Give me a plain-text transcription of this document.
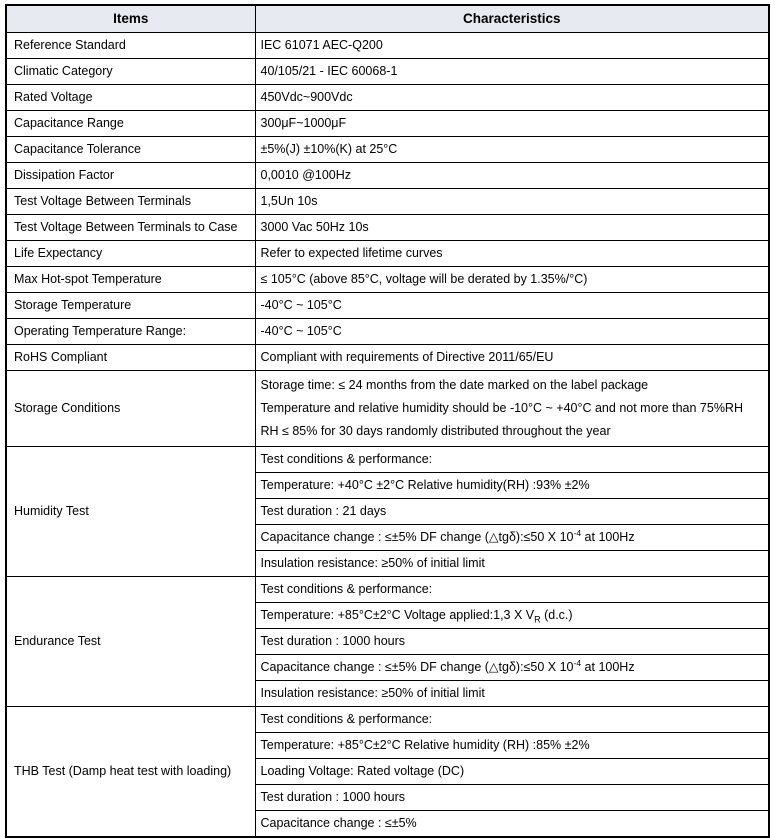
Items	Characteristics
Reference Standard	IEC 61071 AEC-Q200
Climatic Category	40/105/21 - IEC 60068-1
Rated Voltage	450Vdc~900Vdc
Capacitance Range	300μF~1000μF
Capacitance Tolerance	±5%(J) ±10%(K) at 25°C
Dissipation Factor	0,0010 @100Hz
Test Voltage Between Terminals	1,5Un 10s
Test Voltage Between Terminals to Case	3000 Vac 50Hz 10s
Life Expectancy	Refer to expected lifetime curves
Max Hot-spot Temperature	≤ 105°C (above 85°C, voltage will be derated by 1.35%/°C)
Storage Temperature	-40°C ~ 105°C
Operating Temperature Range:	-40°C ~ 105°C
RoHS Compliant	Compliant with requirements of Directive 2011/65/EU
Storage Conditions	Storage time: ≤ 24 months from the date marked on the label package
Temperature and relative humidity should be -10°C ~ +40°C and not more than 75%RH
RH ≤ 85% for 30 days randomly distributed throughout the year

Humidity Test	Test conditions & performance:
	Temperature: +40°C ±2°C Relative humidity(RH) :93% ±2%
	Test duration : 21 days
	Capacitance change : ≤±5% DF change (△tgδ):≤50 X $10^{-4}$ at 100Hz
	Insulation resistance: ≥50% of initial limit
Endurance Test	Test conditions & performance:
	Temperature: +85°C±2°C Voltage applied:1,3 X $V_R$ (d.c.)
	Test duration : 1000 hours
	Capacitance change : ≤±5% DF change (△tgδ):≤50 X $10^{-4}$ at 100Hz
	Insulation resistance: ≥50% of initial limit
THB Test (Damp heat test with loading)	Test conditions & performance:
	Temperature: +85°C±2°C Relative humidity (RH) :85% ±2%
	Loading Voltage: Rated voltage (DC)
	Test duration : 1000 hours
	Capacitance change : ≤±5%
